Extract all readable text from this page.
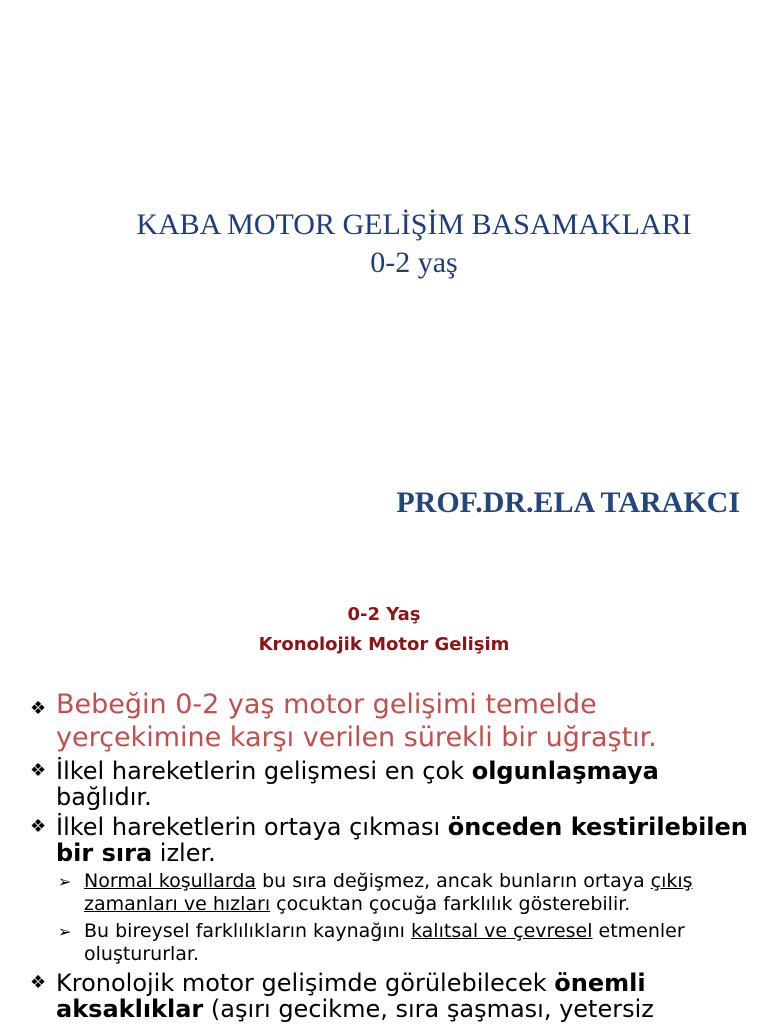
KABA MOTOR GELİŞİM BASAMAKLARI
0-2 yaş
PROF.DR.ELA TARAKCI
0-2 Yaş
Kronolojik Motor Gelişim
❖ Bebeğin 0-2 yaş motor gelişimi temelde yerçekimine karşı verilen sürekli bir uğraştır.
❖ İlkel hareketlerin gelişmesi en çok olgunlaşmaya bağlıdır.
❖ İlkel hareketlerin ortaya çıkması önceden kestirilebilen bir sıra izler.
➢ Normal koşullarda bu sıra değişmez, ancak bunların ortaya çıkış zamanları ve hızları çocuktan çocuğa farklılık gösterebilir.
➢ Bu bireysel farklılıkların kaynağını kalıtsal ve çevresel etmenler oluştururlar.
❖ Kronolojik motor gelişimde görülebilecek önemli aksaklıklar (aşırı gecikme, sıra şaşması, yetersiz
